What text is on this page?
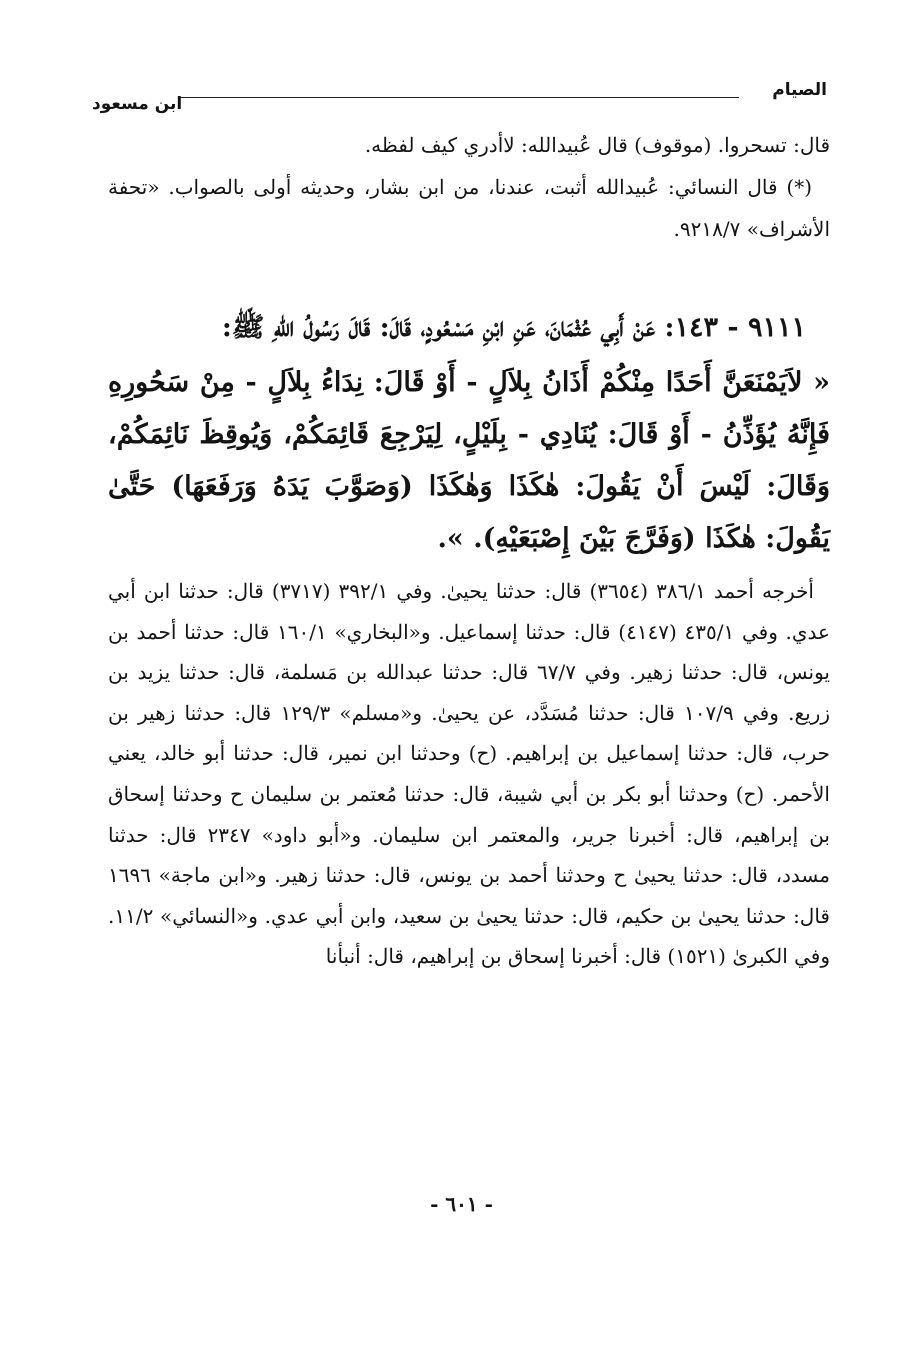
الصيام
ابن مسعود

قال: تسحروا. (موقوف) قال عُبيدالله: لاأدري كيف لفظه.

(*) قال النسائي: عُبيدالله أثبت، عندنا، من ابن بشار، وحديثه أولى بالصواب. «تحفة الأشراف» ٩٢١٨/٧.

٩١١١ - ١٤٣: عَنْ أَبِي عُثْمَانَ، عَنِ ابْنِ مَسْعُودٍ، قَالَ: قَالَ رَسُولُ اللهِ ﷺ:

« لاَيَمْنَعَنَّ أَحَدًا مِنْكُمْ أَذَانُ بِلاَلٍ - أَوْ قَالَ: نِدَاءُ بِلاَلٍ - مِنْ سَحُورِهِ فَإِنَّهُ يُؤَذِّنُ - أَوْ قَالَ: يُنَادِي - بِلَيْلٍ، لِيَرْجِعَ قَائِمَكُمْ، وَيُوقِظَ نَائِمَكُمْ، وَقَالَ: لَيْسَ أَنْ يَقُولَ: هٰكَذَا وَهٰكَذَا (وَصَوَّبَ يَدَهُ وَرَفَعَهَا) حَتَّىٰ يَقُولَ: هٰكَذَا (وَفَرَّجَ بَيْنَ إِصْبَعَيْهِ). ».

أخرجه أحمد ٣٨٦/١ (٣٦٥٤) قال: حدثنا يحيىٰ. وفي ٣٩٢/١ (٣٧١٧) قال: حدثنا ابن أبي عدي. وفي ٤٣٥/١ (٤١٤٧) قال: حدثنا إسماعيل. و«البخاري» ١٦٠/١ قال: حدثنا أحمد بن يونس، قال: حدثنا زهير. وفي ٦٧/٧ قال: حدثنا عبدالله بن مَسلمة، قال: حدثنا يزيد بن زريع. وفي ١٠٧/٩ قال: حدثنا مُسَدَّد، عن يحيىٰ. و«مسلم» ١٢٩/٣ قال: حدثنا زهير بن حرب، قال: حدثنا إسماعيل بن إبراهيم. (ح) وحدثنا ابن نمير، قال: حدثنا أبو خالد، يعني الأحمر. (ح) وحدثنا أبو بكر بن أبي شيبة، قال: حدثنا مُعتمر بن سليمان ح وحدثنا إسحاق بن إبراهيم، قال: أخبرنا جرير، والمعتمر ابن سليمان. و«أبو داود» ٢٣٤٧ قال: حدثنا مسدد، قال: حدثنا يحيىٰ ح وحدثنا أحمد بن يونس، قال: حدثنا زهير. و«ابن ماجة» ١٦٩٦ قال: حدثنا يحيىٰ بن حكيم، قال: حدثنا يحيىٰ بن سعيد، وابن أبي عدي. و«النسائي» ١١/٢. وفي الكبرىٰ (١٥٢١) قال: أخبرنا إسحاق بن إبراهيم، قال: أنبأنا

- ٦٠١ -
